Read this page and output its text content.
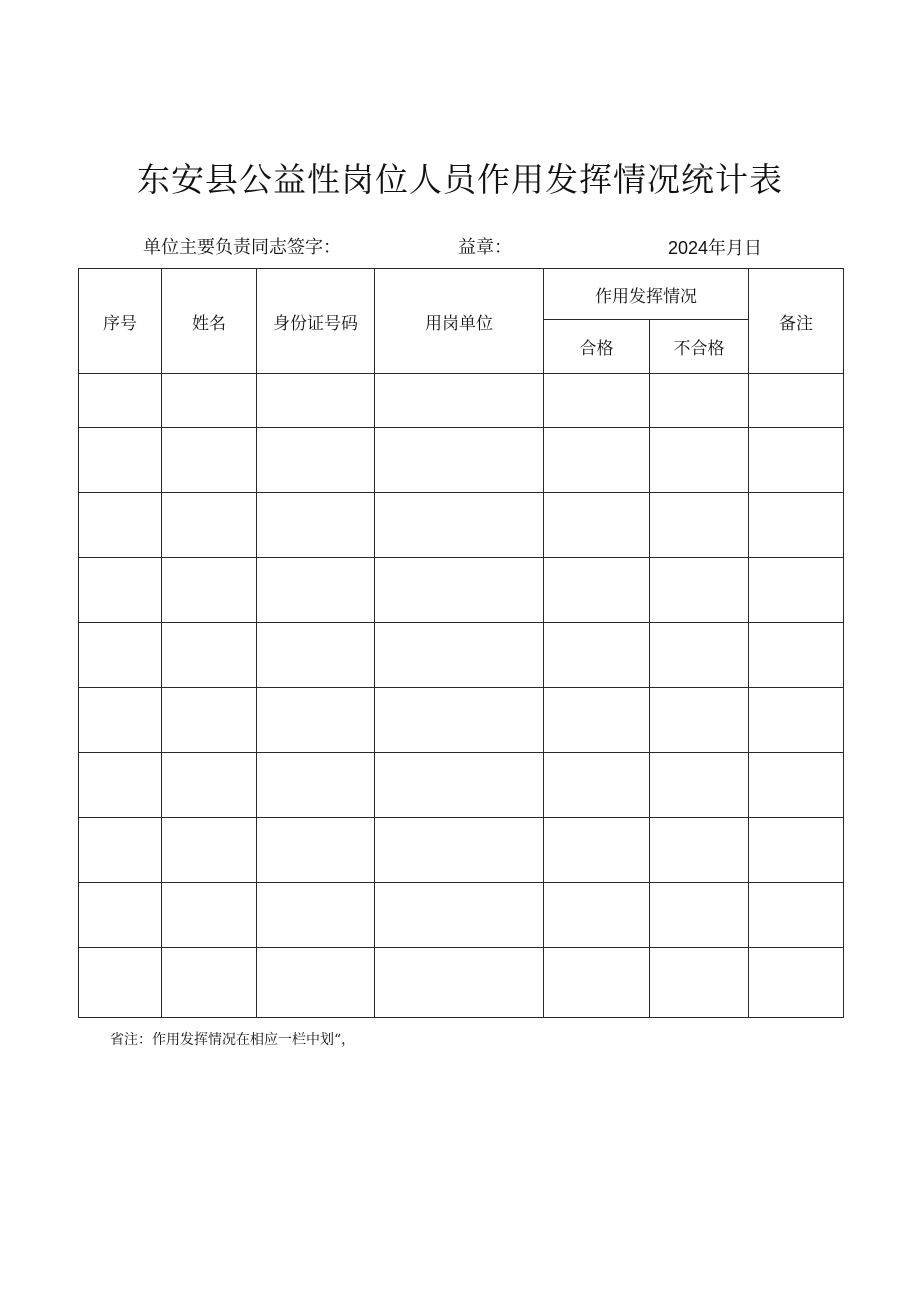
东安县公益性岗位人员作用发挥情况统计表
单位主要负责同志签字：	益章：	2024年月日
序号	姓名	身份证号码	用岗单位	作用发挥情况		备注
				合格	不合格	

省注：作用发挥情况在相应一栏中划“，
